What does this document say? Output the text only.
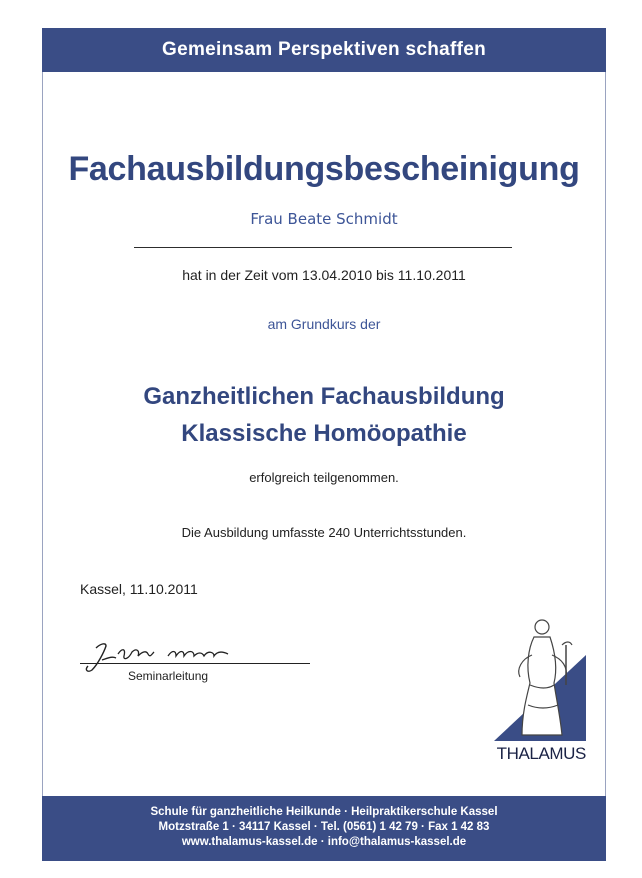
Gemeinsam Perspektiven schaffen
Fachausbildungsbescheinigung
Frau Beate Schmidt
hat in der Zeit vom 13.04.2010 bis 11.10.2011
am Grundkurs der
Ganzheitlichen Fachausbildung
Klassische Homöopathie
erfolgreich teilgenommen.
Die Ausbildung umfasste 240 Unterrichtsstunden.
Kassel, 11.10.2011
Seminarleitung
THALAMUS
Schule für ganzheitliche Heilkunde · Heilpraktikerschule Kassel
Motzstraße 1 · 34117 Kassel · Tel. (0561) 1 42 79 · Fax 1 42 83
www.thalamus-kassel.de · info@thalamus-kassel.de
